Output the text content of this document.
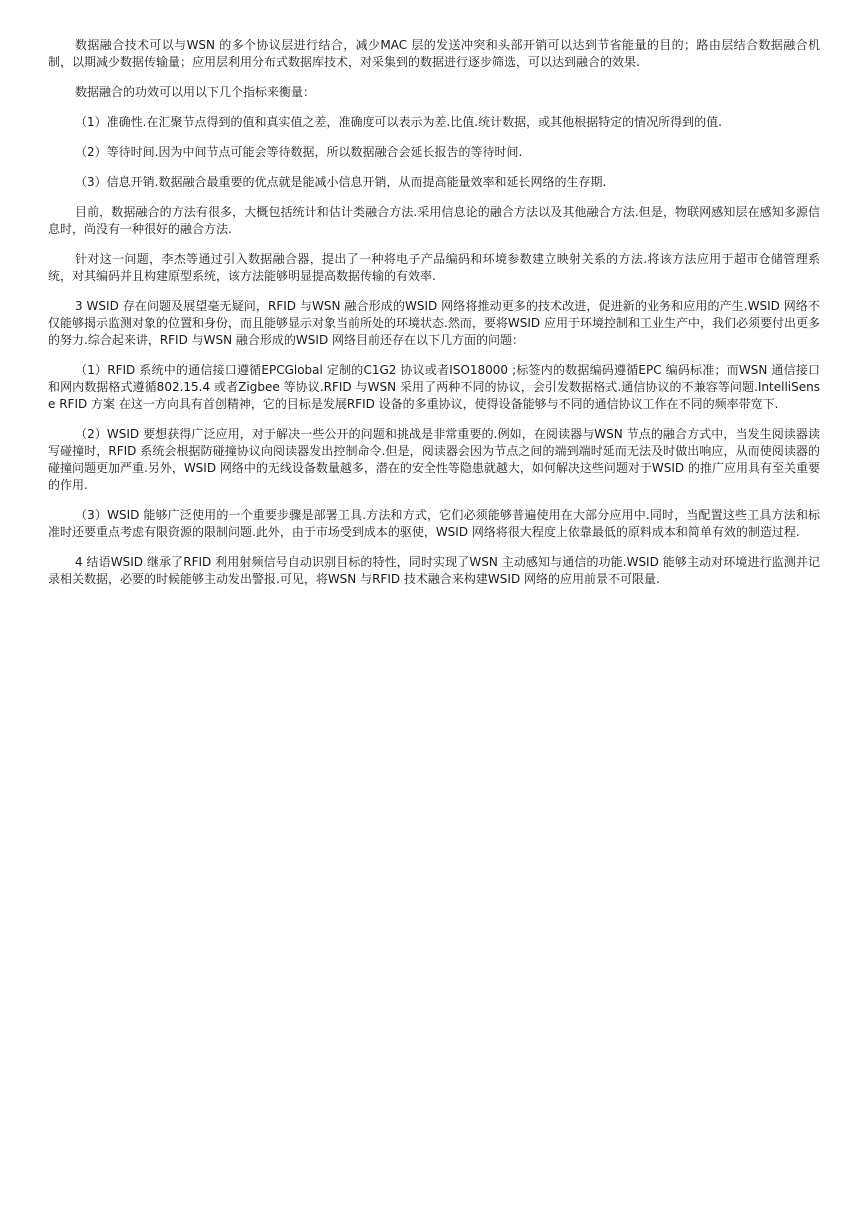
数据融合技术可以与WSN 的多个协议层进行结合，减少MAC 层的发送冲突和头部开销可以达到节省能量的目的；路由层结合数据融合机制，以期减少数据传输量；应用层利用分布式数据库技术，对采集到的数据进行逐步筛选，可以达到融合的效果.

数据融合的功效可以用以下几个指标来衡量：

（1）准确性.在汇聚节点得到的值和真实值之差，准确度可以表示为差.比值.统计数据，或其他根据特定的情况所得到的值.

（2）等待时间.因为中间节点可能会等待数据，所以数据融合会延长报告的等待时间.

（3）信息开销.数据融合最重要的优点就是能减小信息开销，从而提高能量效率和延长网络的生存期.

目前，数据融合的方法有很多，大概包括统计和估计类融合方法.采用信息论的融合方法以及其他融合方法.但是，物联网感知层在感知多源信息时，尚没有一种很好的融合方法.

针对这一问题，李杰等通过引入数据融合器，提出了一种将电子产品编码和环境参数建立映射关系的方法.将该方法应用于超市仓储管理系统，对其编码并且构建原型系统，该方法能够明显提高数据传输的有效率.

3 WSID 存在问题及展望毫无疑问，RFID 与WSN 融合形成的WSID 网络将推动更多的技术改进，促进新的业务和应用的产生.WSID 网络不仅能够揭示监测对象的位置和身份，而且能够显示对象当前所处的环境状态.然而，要将WSID 应用于环境控制和工业生产中，我们必须要付出更多的努力.综合起来讲，RFID 与WSN 融合形成的WSID 网络目前还存在以下几方面的问题：

（1）RFID 系统中的通信接口遵循EPCGlobal 定制的C1G2 协议或者ISO18000 ;标签内的数据编码遵循EPC 编码标准；而WSN 通信接口和网内数据格式遵循802.15.4 或者Zigbee 等协议.RFID 与WSN 采用了两种不同的协议，会引发数据格式.通信协议的不兼容等问题.IntelliSense RFID 方案 在这一方向具有首创精神，它的目标是发展RFID 设备的多重协议，使得设备能够与不同的通信协议工作在不同的频率带宽下.

（2）WSID 要想获得广泛应用，对于解决一些公开的问题和挑战是非常重要的.例如，在阅读器与WSN 节点的融合方式中，当发生阅读器读写碰撞时，RFID 系统会根据防碰撞协议向阅读器发出控制命令.但是，阅读器会因为节点之间的端到端时延而无法及时做出响应，从而使阅读器的碰撞问题更加严重.另外，WSID 网络中的无线设备数量越多，潜在的安全性等隐患就越大，如何解决这些问题对于WSID 的推广应用具有至关重要的作用.

（3）WSID 能够广泛使用的一个重要步骤是部署工具.方法和方式，它们必须能够普遍使用在大部分应用中.同时，当配置这些工具方法和标准时还要重点考虑有限资源的限制问题.此外，由于市场受到成本的驱使，WSID 网络将很大程度上依靠最低的原料成本和简单有效的制造过程.

4 结语WSID 继承了RFID 利用射频信号自动识别目标的特性，同时实现了WSN 主动感知与通信的功能.WSID 能够主动对环境进行监测并记录相关数据，必要的时候能够主动发出警报.可见，将WSN 与RFID 技术融合来构建WSID 网络的应用前景不可限量.
